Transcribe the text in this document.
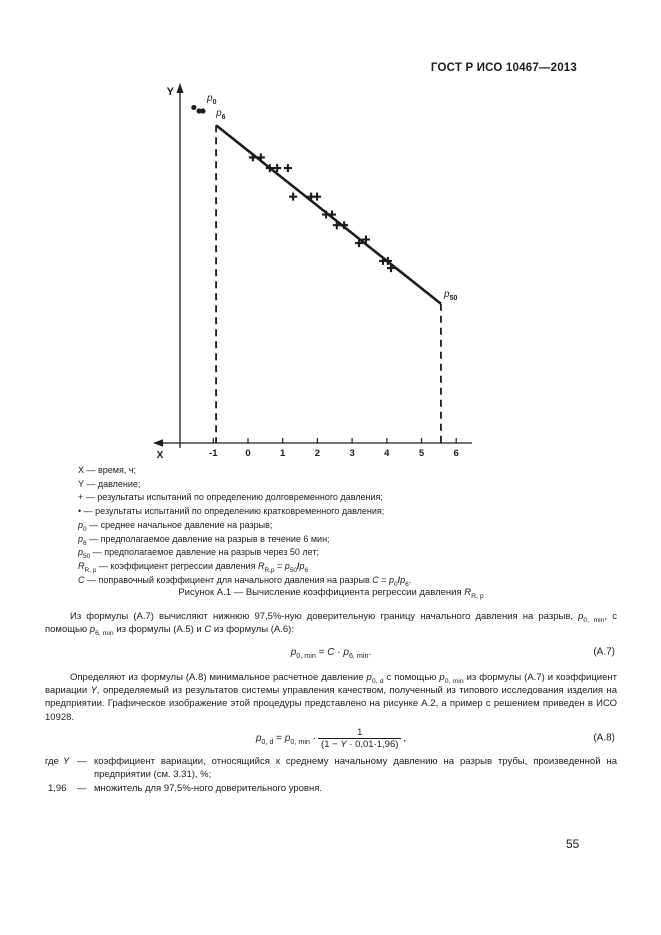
ГОСТ Р ИСО 10467—2013
Y
X	-1	0	1	2	3	4	5	6
$p_0$
$p_6$
$p_{50}$
X — время, ч;
Y — давление;
+ — результаты испытаний по определению долговременного давления;
• — результаты испытаний по определению кратковременного давления;
$p_0$ — среднее начальное давление на разрыв;
$p_6$ — предполагаемое давление на разрыв в течение 6 мин;
$p_{50}$ — предполагаемое давление на разрыв через 50 лет;
$R_{R, p}$ — коэффициент регрессии давления $R_{R,p} = p_{50}/p_6$
C — поправочный коэффициент для начального давления на разрыв $C = p_0/p_6$.
Рисунок А.1 — Вычисление коэффициента регрессии давления $R_{R, p}$
Из формулы (А.7) вычисляют нижнюю 97,5%-ную доверительную границу начального давления на разрыв, $p_{0, min}$, с помощью $p_{6, min}$ из формулы (А.5) и C из формулы (А.6):
$p_{0, min} = C \cdot p_{6, min}$.	(А.7)
Определяют из формулы (А.8) минимальное расчетное давление $p_{0, d}$ с помощью $p_{0, min}$ из формулы (А.7) и коэффициент вариации Y, определяемый из результатов системы управления качеством, полученный из типового исследования изделия на предприятии. Графическое изображение этой процедуры представлено на рисунке А.2, а пример с решением приведен в ИСО 10928.
$p_{0, d} = p_{0, min} \cdot \frac{1}{(1 - Y \cdot 0,01\cdot 1,96)}$ ,	(А.8)
где Y — коэффициент вариации, относящийся к среднему начальному давлению на разрыв трубы, произведенной на предприятии (см. 3.31), %;
1,96 — множитель для 97,5%-ного доверительного уровня.
55
